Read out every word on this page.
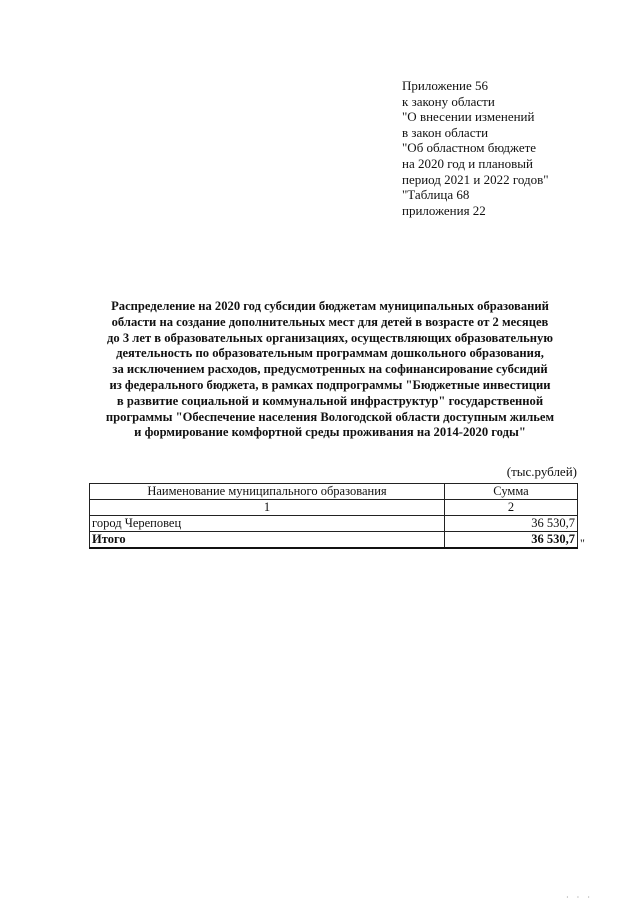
Приложение 56
к закону области
"О внесении изменений
в закон области
"Об областном бюджете
на 2020 год и плановый
период 2021 и 2022 годов"
"Таблица 68
приложения 22
Распределение на 2020 год субсидии бюджетам муниципальных образований
области на создание дополнительных мест для детей в возрасте от 2 месяцев
до 3 лет в образовательных организациях, осуществляющих образовательную
деятельность по образовательным программам дошкольного образования,
за исключением расходов, предусмотренных на софинансирование субсидий
из федерального бюджета, в рамках подпрограммы "Бюджетные инвестиции
в развитие социальной и коммунальной инфраструктур" государственной
программы "Обеспечение населения Вологодской области доступным жильем
и формирование комфортной среды проживания на 2014-2020 годы"
(тыс.рублей)
Наименование муниципального образования	Сумма
1	2
город Череповец	36 530,7
Итого	36 530,7 "
· · ·
